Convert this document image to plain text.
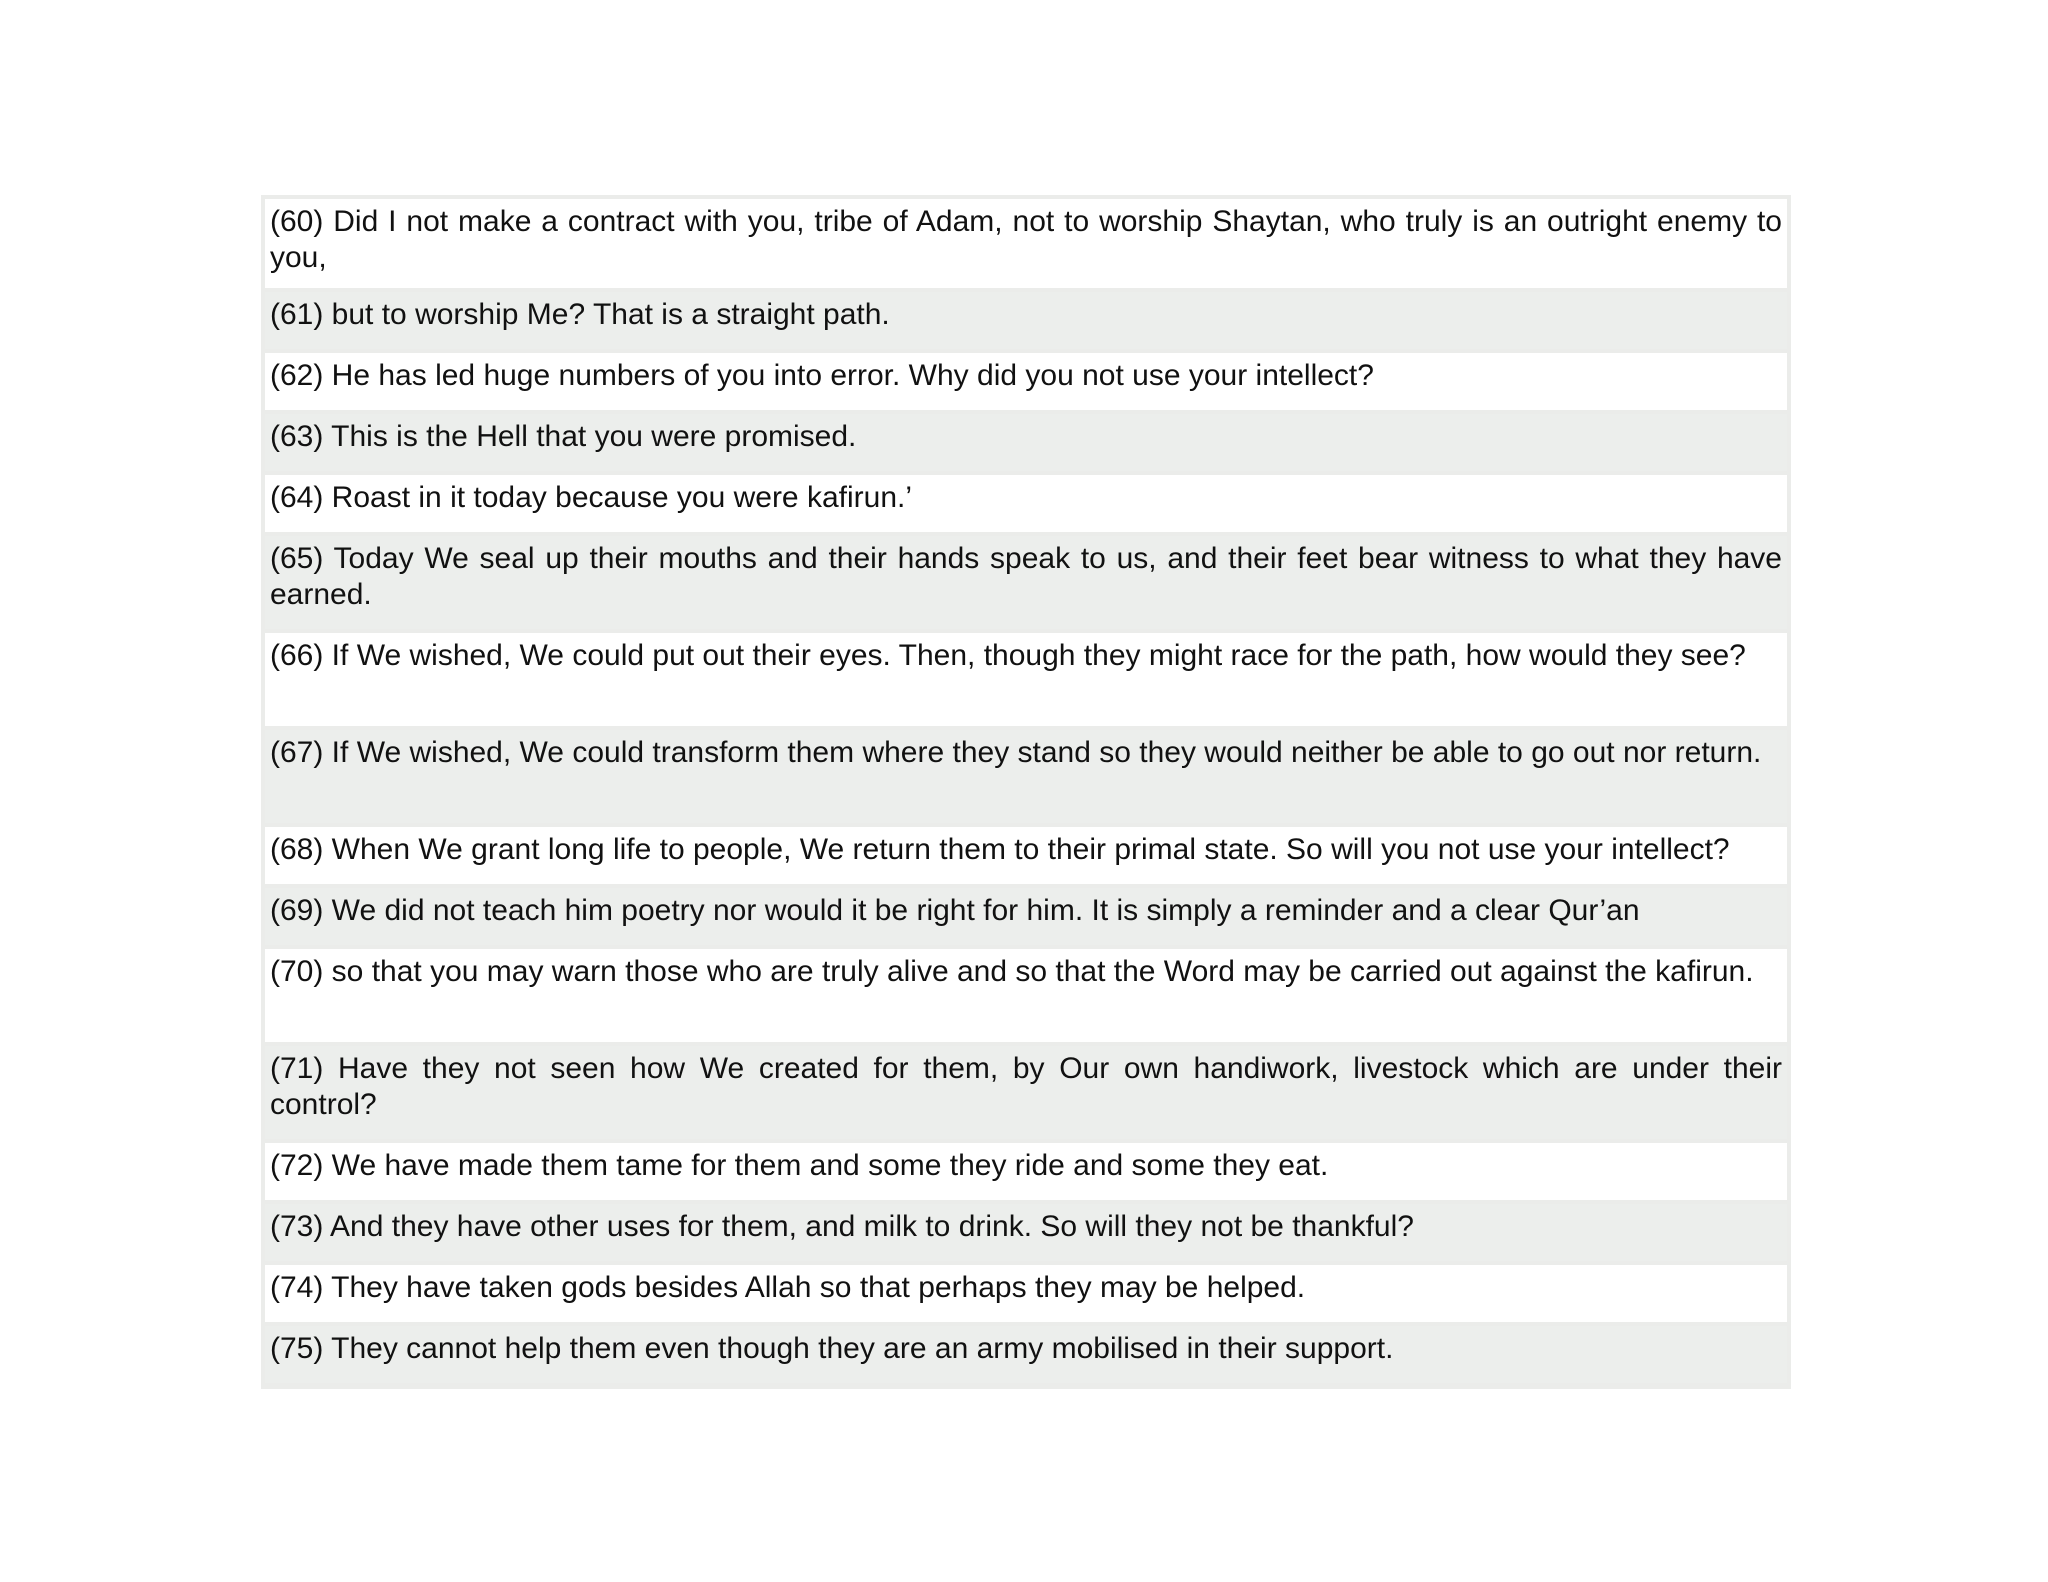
(60) Did I not make a contract with you, tribe of Adam, not to worship Shaytan, who truly is an outright enemy to you,
(61) but to worship Me? That is a straight path.
(62) He has led huge numbers of you into error. Why did you not use your intellect?
(63) This is the Hell that you were promised.
(64) Roast in it today because you were kafirun.’
(65) Today We seal up their mouths and their hands speak to us, and their feet bear witness to what they have earned.
(66) If We wished, We could put out their eyes. Then, though they might race for the path, how would they see?
(67) If We wished, We could transform them where they stand so they would neither be able to go out nor return.
(68) When We grant long life to people, We return them to their primal state. So will you not use your intellect?
(69) We did not teach him poetry nor would it be right for him. It is simply a reminder and a clear Qur’an
(70) so that you may warn those who are truly alive and so that the Word may be carried out against the kafirun.
(71) Have they not seen how We created for them, by Our own handiwork, livestock which are under their control?
(72) We have made them tame for them and some they ride and some they eat.
(73) And they have other uses for them, and milk to drink. So will they not be thankful?
(74) They have taken gods besides Allah so that perhaps they may be helped.
(75) They cannot help them even though they are an army mobilised in their support.
